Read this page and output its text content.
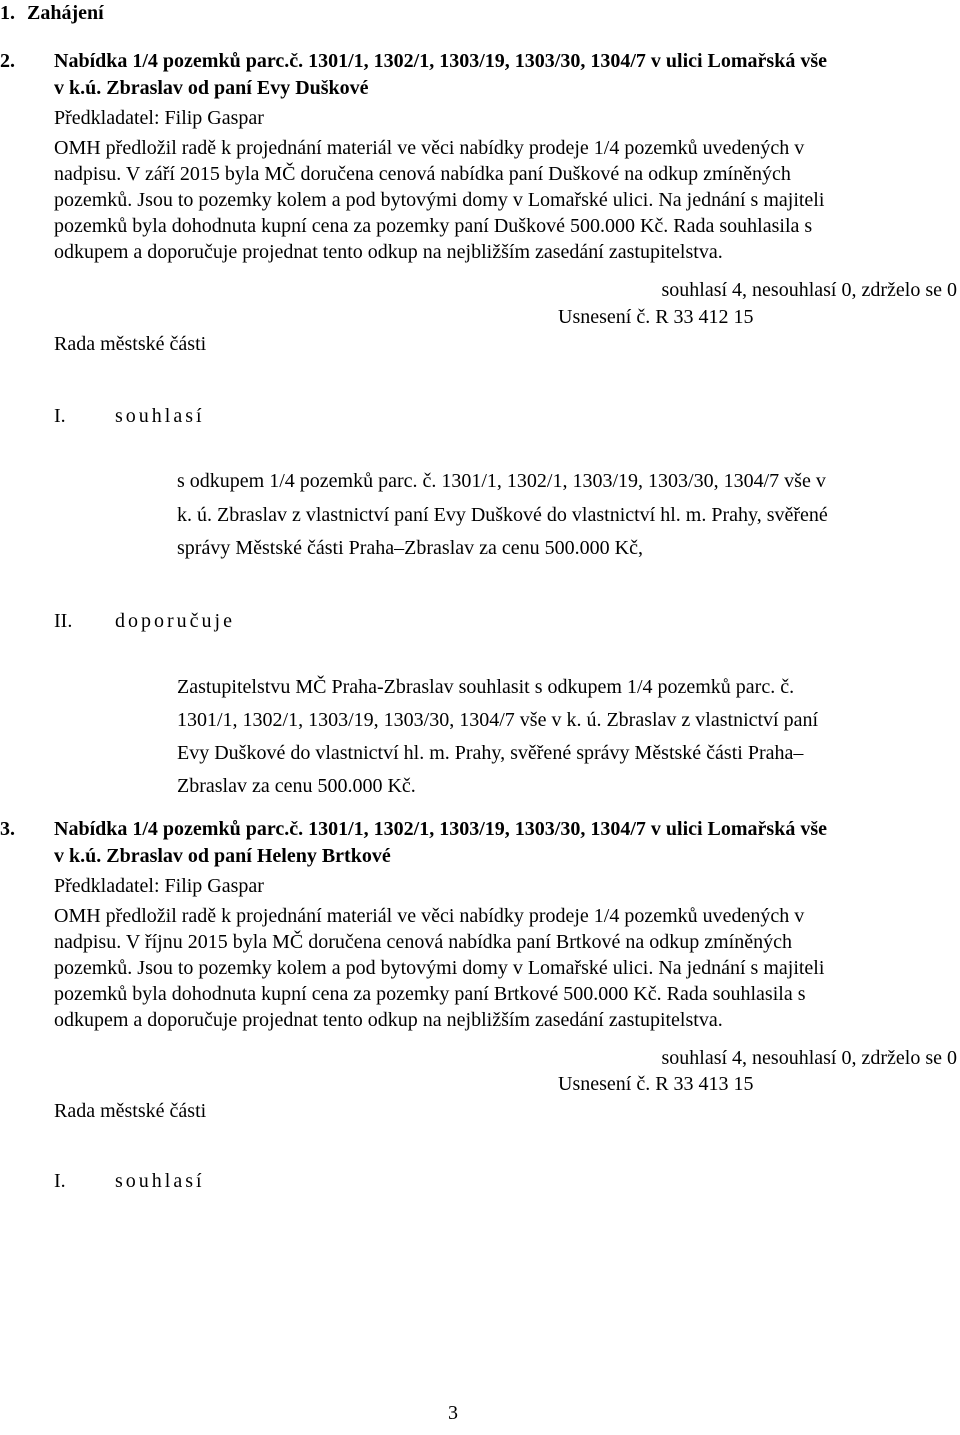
1. Zahájení
2. Nabídka 1/4 pozemků parc.č. 1301/1, 1302/1, 1303/19, 1303/30, 1304/7 v ulici Lomařská vše
v k.ú. Zbraslav od paní Evy Duškové
Předkladatel: Filip Gaspar
OMH předložil radě k projednání materiál ve věci nabídky prodeje 1/4 pozemků uvedených v
nadpisu. V září 2015 byla MČ doručena cenová nabídka paní Duškové na odkup zmíněných
pozemků. Jsou to pozemky kolem a pod bytovými domy v Lomařské ulici. Na jednání s majiteli
pozemků byla dohodnuta kupní cena za pozemky paní Duškové 500.000 Kč. Rada souhlasila s
odkupem a doporučuje projednat tento odkup na nejbližším zasedání zastupitelstva.
souhlasí 4, nesouhlasí 0, zdrželo se 0
Usnesení č. R 33 412 15
Rada městské části
I. souhlasí
s odkupem 1/4 pozemků parc. č. 1301/1, 1302/1, 1303/19, 1303/30, 1304/7 vše v
k. ú. Zbraslav z vlastnictví paní Evy Duškové do vlastnictví hl. m. Prahy, svěřené
správy Městské části Praha–Zbraslav za cenu 500.000 Kč,
II. doporučuje
Zastupitelstvu MČ Praha-Zbraslav souhlasit s odkupem 1/4 pozemků parc. č.
1301/1, 1302/1, 1303/19, 1303/30, 1304/7 vše v k. ú. Zbraslav z vlastnictví paní
Evy Duškové do vlastnictví hl. m. Prahy, svěřené správy Městské části Praha–
Zbraslav za cenu 500.000 Kč.
3. Nabídka 1/4 pozemků parc.č. 1301/1, 1302/1, 1303/19, 1303/30, 1304/7 v ulici Lomařská vše
v k.ú. Zbraslav od paní Heleny Brtkové
Předkladatel: Filip Gaspar
OMH předložil radě k projednání materiál ve věci nabídky prodeje 1/4 pozemků uvedených v
nadpisu. V říjnu 2015 byla MČ doručena cenová nabídka paní Brtkové na odkup zmíněných
pozemků. Jsou to pozemky kolem a pod bytovými domy v Lomařské ulici. Na jednání s majiteli
pozemků byla dohodnuta kupní cena za pozemky paní Brtkové 500.000 Kč. Rada souhlasila s
odkupem a doporučuje projednat tento odkup na nejbližším zasedání zastupitelstva.
souhlasí 4, nesouhlasí 0, zdrželo se 0
Usnesení č. R 33 413 15
Rada městské části
I. souhlasí
3
